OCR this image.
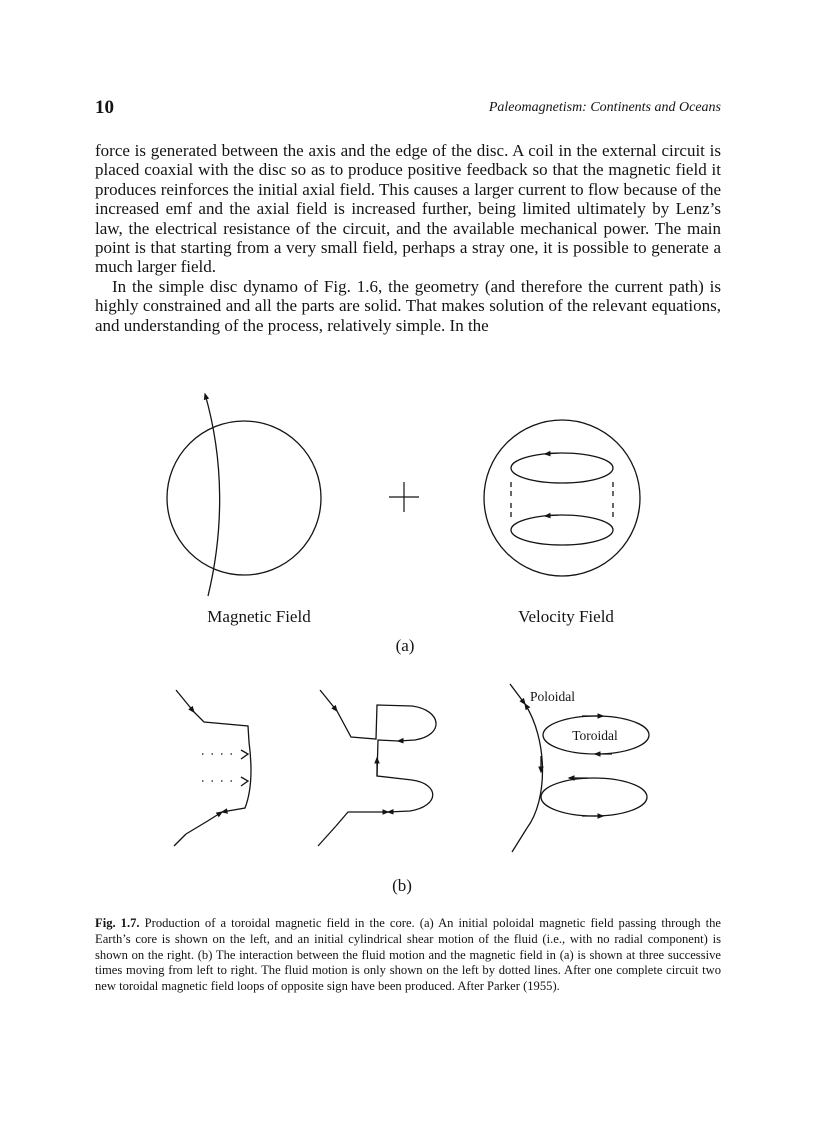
10	Paleomagnetism: Continents and Oceans

force is generated between the axis and the edge of the disc. A coil in the external circuit is placed coaxial with the disc so as to produce positive feedback so that the magnetic field it produces reinforces the initial axial field. This causes a larger current to flow because of the increased emf and the axial field is increased further, being limited ultimately by Lenz’s law, the electrical resistance of the circuit, and the available mechanical power. The main point is that starting from a very small field, perhaps a stray one, it is possible to generate a much larger field.

In the simple disc dynamo of Fig. 1.6, the geometry (and therefore the current path) is highly constrained and all the parts are solid. That makes solution of the relevant equations, and understanding of the process, relatively simple. In the

Magnetic Field	Velocity Field
(a)
Poloidal
Toroidal
(b)
Fig. 1.7. Production of a toroidal magnetic field in the core. (a) An initial poloidal magnetic field passing through the Earth’s core is shown on the left, and an initial cylindrical shear motion of the fluid (i.e., with no radial component) is shown on the right. (b) The interaction between the fluid motion and the magnetic field in (a) is shown at three successive times moving from left to right. The fluid motion is only shown on the left by dotted lines. After one complete circuit two new toroidal magnetic field loops of opposite sign have been produced. After Parker (1955).
